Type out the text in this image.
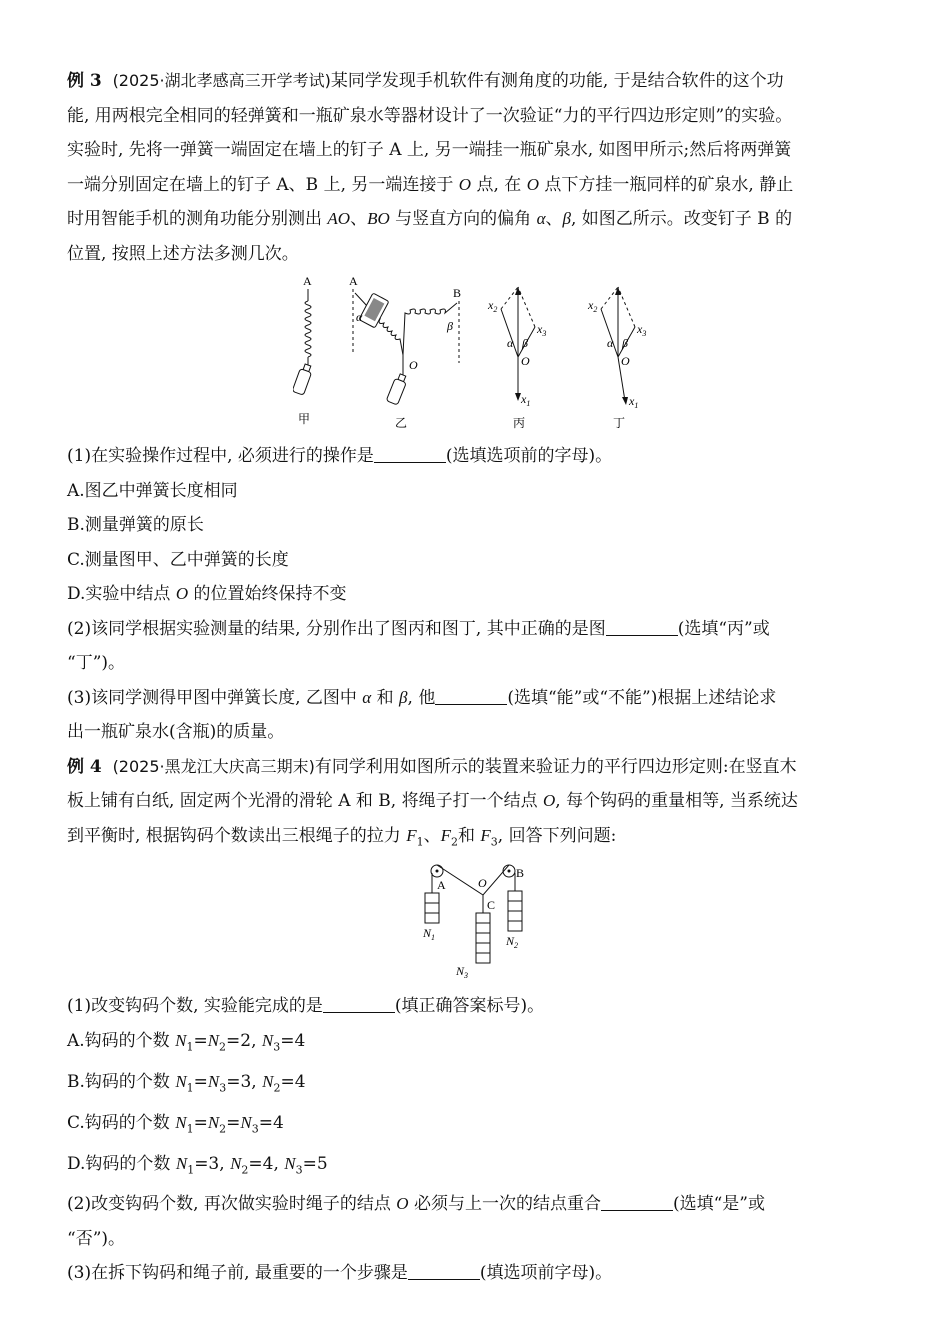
例 3 (2025·湖北孝感高三开学考试)某同学发现手机软件有测角度的功能, 于是结合软件的这个功

能, 用两根完全相同的轻弹簧和一瓶矿泉水等器材设计了一次验证“力的平行四边形定则”的实验。

实验时, 先将一弹簧一端固定在墙上的钉子 A 上, 另一端挂一瓶矿泉水, 如图甲所示;然后将两弹簧

一端分别固定在墙上的钉子 A、B 上, 另一端连接于 O 点, 在 O 点下方挂一瓶同样的矿泉水, 静止

时用智能手机的测角功能分别测出 AO、BO 与竖直方向的偏角 α、β, 如图乙所示。改变钉子 B 的

位置, 按照上述方法多测几次。

A
甲
A
B
α
β
O
乙
$x_2$
$x_3$
α β
O
$x_1$
丙
$x_2$
$x_3$
α β
O
$x_1$
丁

(1)在实验操作过程中, 必须进行的操作是	(选填选项前的字母)。

A.图乙中弹簧长度相同

B.测量弹簧的原长

C.测量图甲、乙中弹簧的长度

D.实验中结点 O 的位置始终保持不变

(2)该同学根据实验测量的结果, 分别作出了图丙和图丁, 其中正确的是图	(选填“丙”或

“丁”)。

(3)该同学测得甲图中弹簧长度, 乙图中 α 和 β, 他	(选填“能”或“不能”)根据上述结论求

出一瓶矿泉水(含瓶)的质量。

例 4 (2025·黑龙江大庆高三期末)有同学利用如图所示的装置来验证力的平行四边形定则:在竖直木

板上铺有白纸, 固定两个光滑的滑轮 A 和 B, 将绳子打一个结点 O, 每个钩码的重量相等, 当系统达

到平衡时, 根据钩码个数读出三根绳子的拉力 $F_1$、$F_2$和 $F_3$, 回答下列问题:

A
B
O
C
$N_1$	$N_2$
$N_3$

(1)改变钩码个数, 实验能完成的是	(填正确答案标号)。

A.钩码的个数 $N_1=N_2=2$, $N_3=4$

B.钩码的个数 $N_1=N_3=3$, $N_2=4$

C.钩码的个数 $N_1=N_2=N_3=4$

D.钩码的个数 $N_1=3$, $N_2=4$, $N_3=5$

(2)改变钩码个数, 再次做实验时绳子的结点 O 必须与上一次的结点重合	(选填“是”或

“否”)。

(3)在拆下钩码和绳子前, 最重要的一个步骤是	(填选项前字母)。
